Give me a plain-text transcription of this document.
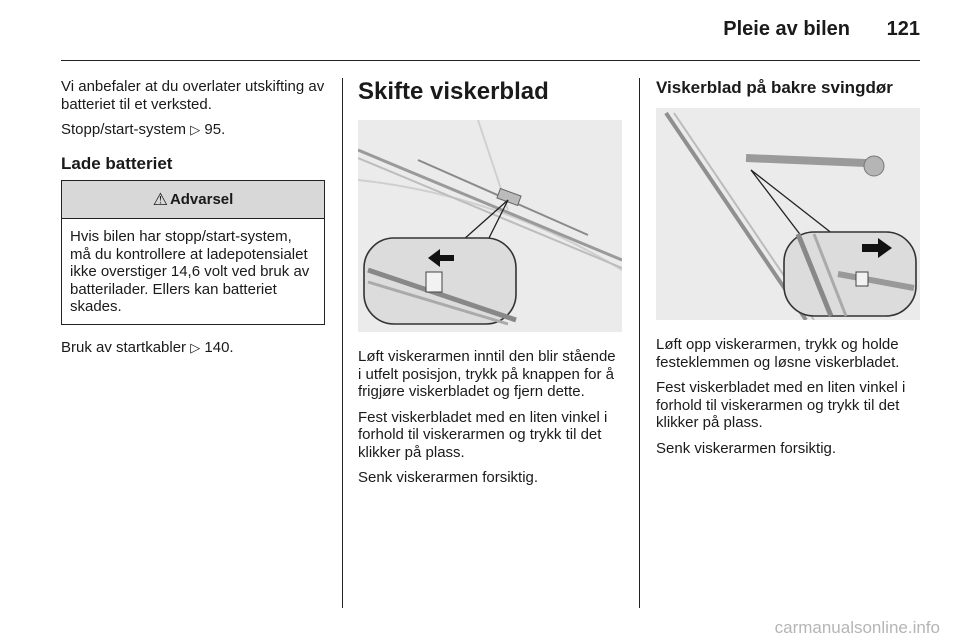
Pleie av bilen	121

Vi anbefaler at du overlater utskifting av batteriet til et verksted.

Stopp/start-system ▷ 95.

Lade batteriet
⚠ Advarsel
Hvis bilen har stopp/start-system, må du kontrollere at ladepotensialet ikke overstiger 14,6 volt ved bruk av batterilader. Ellers kan batteriet skades.

Bruk av startkabler ▷ 140.

Skifte viskerblad

Løft viskerarmen inntil den blir stående i utfelt posisjon, trykk på knappen for å frigjøre viskerbladet og fjern dette.

Fest viskerbladet med en liten vinkel i forhold til viskerarmen og trykk til det klikker på plass.

Senk viskerarmen forsiktig.

Viskerblad på bakre svingdør

Løft opp viskerarmen, trykk og holde festeklemmen og løsne viskerbladet.

Fest viskerbladet med en liten vinkel i forhold til viskerarmen og trykk til det klikker på plass.

Senk viskerarmen forsiktig.

carmanualsonline.info
